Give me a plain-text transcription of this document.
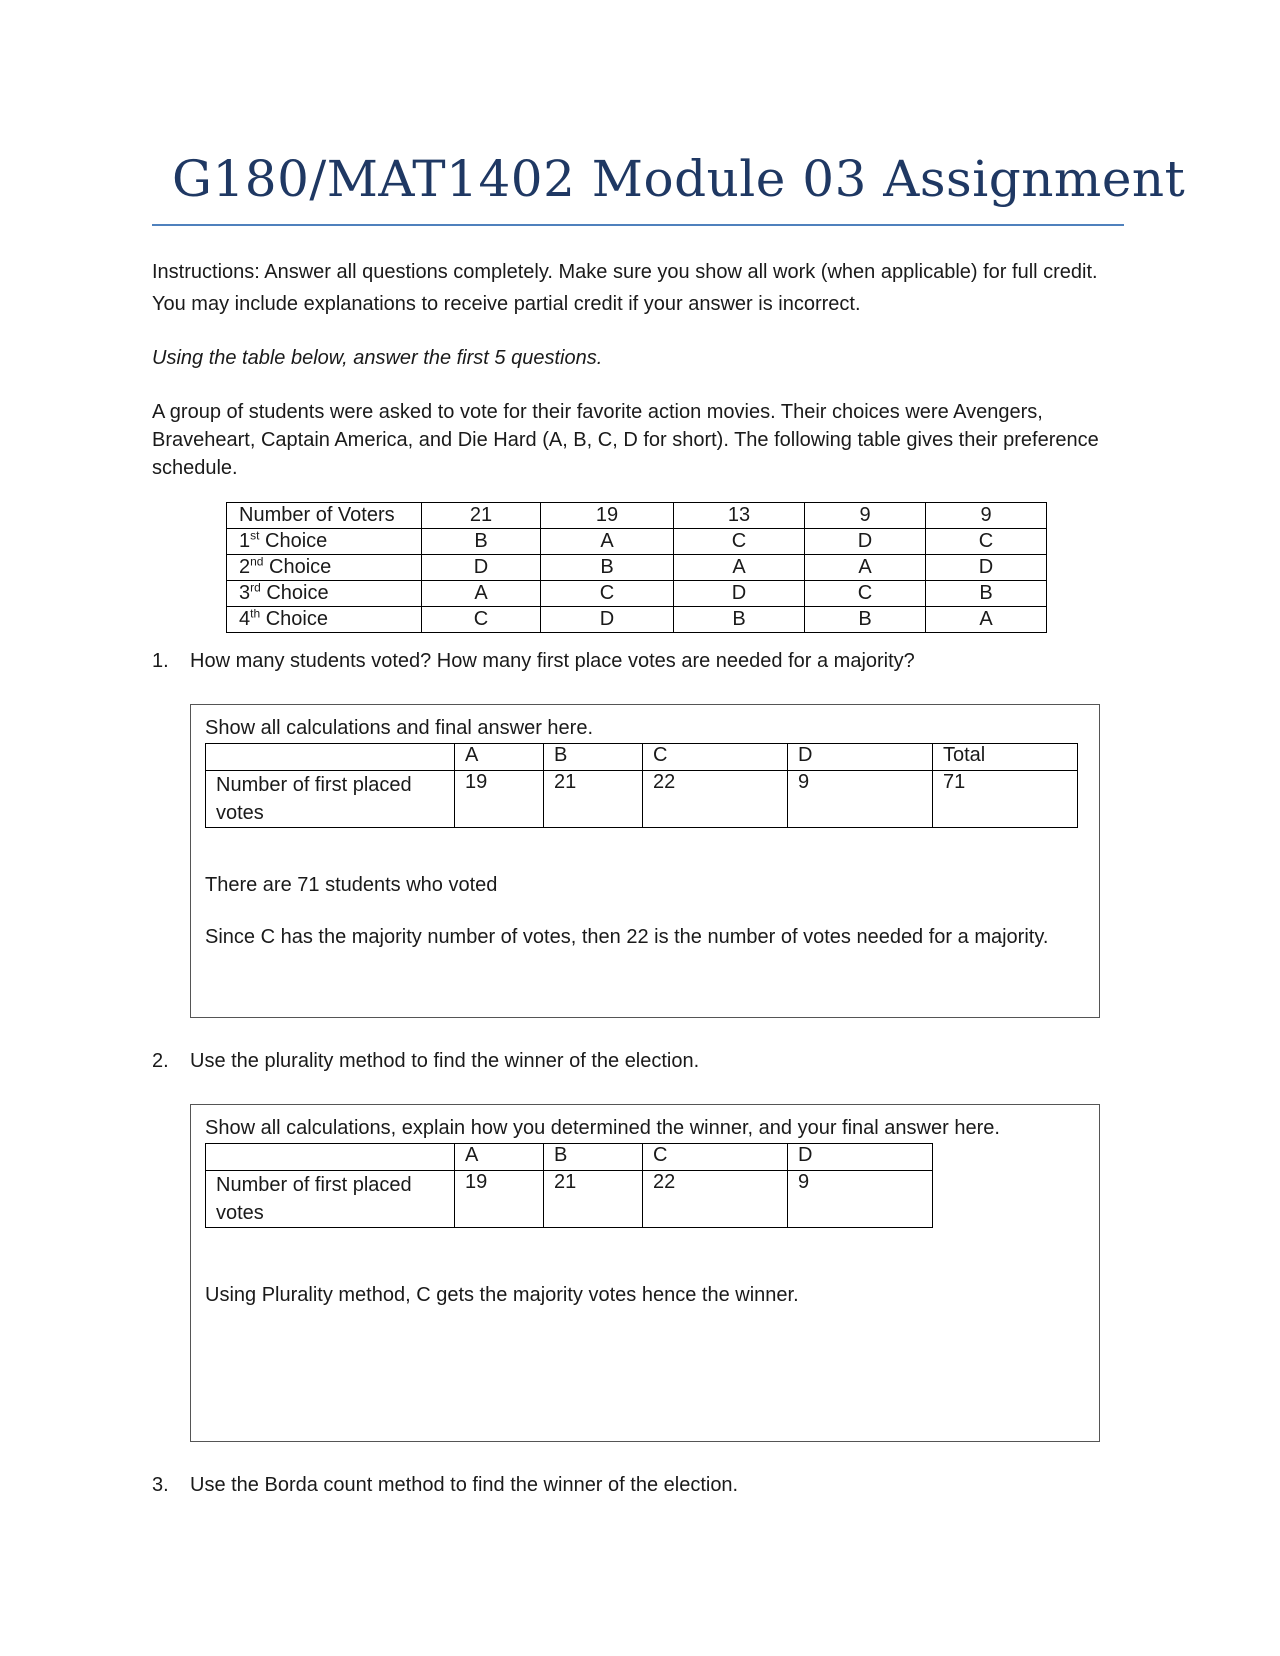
G180/MAT1402 Module 03 Assignment
Instructions: Answer all questions completely. Make sure you show all work (when applicable) for full credit. You may include explanations to receive partial credit if your answer is incorrect.
Using the table below, answer the first 5 questions.
A group of students were asked to vote for their favorite action movies. Their choices were Avengers, Braveheart, Captain America, and Die Hard (A, B, C, D for short). The following table gives their preference schedule.
Number of Voters	21	19	13	9	9
1st Choice	B	A	C	D	C
2nd Choice	D	B	A	A	D
3rd Choice	A	C	D	C	B
4th Choice	C	D	B	B	A
1. How many students voted? How many first place votes are needed for a majority?
Show all calculations and final answer here.
	A	B	C	D	Total
Number of first placed votes	19	21	22	9	71
There are 71 students who voted
Since C has the majority number of votes, then 22 is the number of votes needed for a majority.
2. Use the plurality method to find the winner of the election.
Show all calculations, explain how you determined the winner, and your final answer here.
	A	B	C	D
Number of first placed votes	19	21	22	9
Using Plurality method, C gets the majority votes hence the winner.
3. Use the Borda count method to find the winner of the election.
